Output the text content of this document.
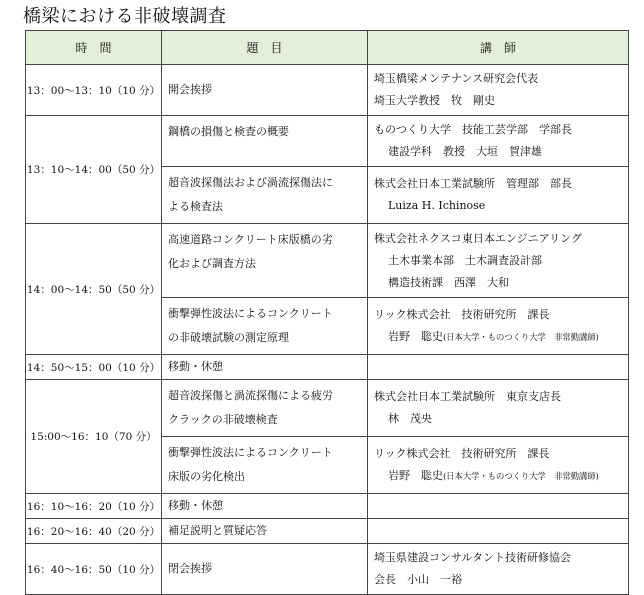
橋梁における非破壊調査
時　間	題　目	講　師
13：00〜13：10（10 分）	開会挨拶	埼玉橋梁メンテナンス研究会代表
埼玉大学教授　牧　剛史

13：10〜14：00（50 分）	鋼橋の損傷と検査の概要	ものつくり大学　技能工芸学部　学部長
建設学科　教授　大垣　賀津雄

	超音波探傷法および渦流探傷法に
よる検査法	株式会社日本工業試験所　管理部　部長
Luiza H. Ichinose

14：00〜14：50（50 分）	高速道路コンクリート床版橋の劣
化および調査方法	株式会社ネクスコ東日本エンジニアリング
土木事業本部　土木調査設計部
構造技術課　西澤　大和

	衝撃弾性波法によるコンクリート
の非破壊試験の測定原理	リック株式会社　技術研究所　課長
岩野　聡史(日本大学・ものつくり大学　非常勤講師)

14：50〜15：00（10 分）	移動・休憩	

15:00〜16：10（70 分）	超音波探傷と渦流探傷による疲労
クラックの非破壊検査	株式会社日本工業試験所　東京支店長
林　茂央

	衝撃弾性波法によるコンクリート
床版の劣化検出	リック株式会社　技術研究所　課長
岩野　聡史(日本大学・ものつくり大学　非常勤講師)

16：10〜16：20（10 分）	移動・休憩	

16：20〜16：40（20 分）	補足説明と質疑応答	

16：40〜16：50（10 分）	閉会挨拶	埼玉県建設コンサルタント技術研修協会
会長　小山　一裕
